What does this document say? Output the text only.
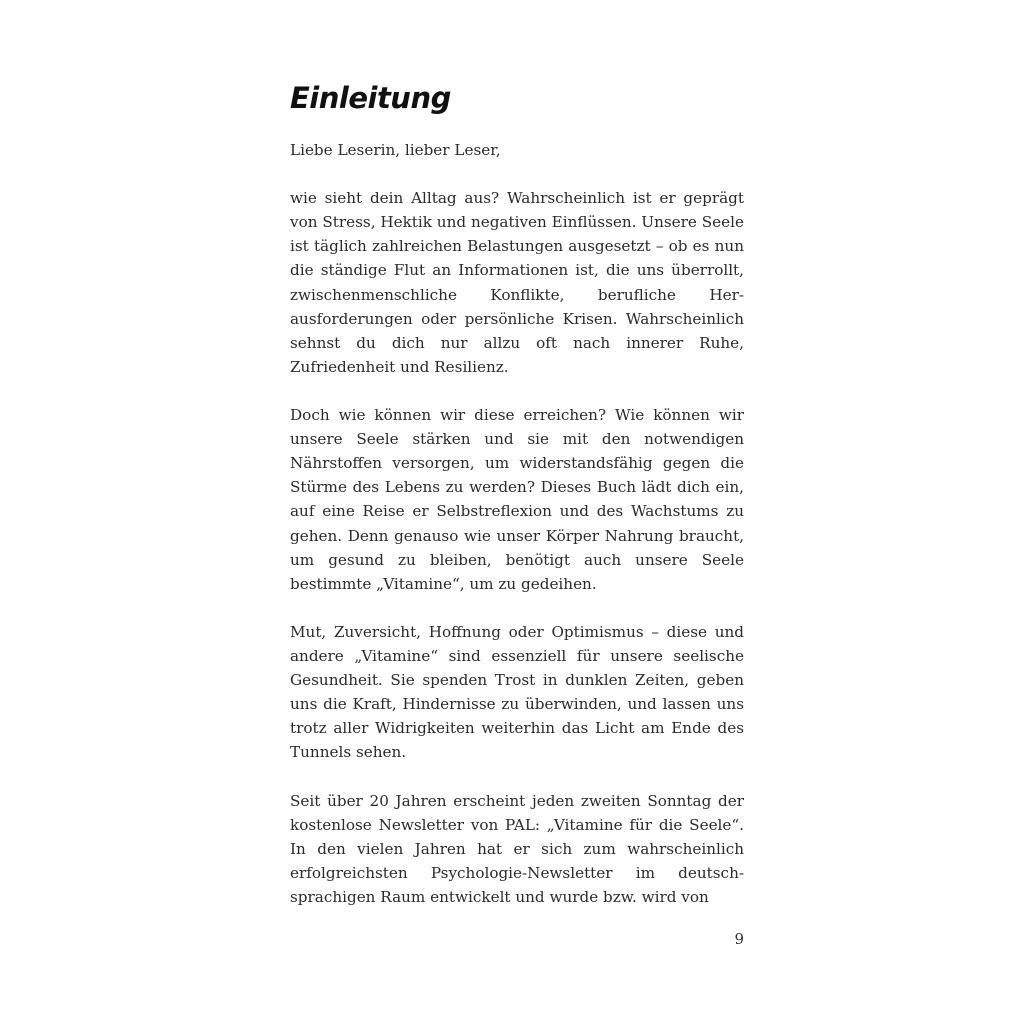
Einleitung

Liebe Leserin, lieber Leser,

wie sieht dein Alltag aus? Wahrscheinlich ist er geprägt von Stress, Hektik und negativen Einflüssen. Unsere Seele ist täglich zahlreichen Belastungen ausgesetzt – ob es nun die ständige Flut an Informationen ist, die uns überrollt, zwischenmenschliche Konflikte, berufliche Herausforderungen oder persönliche Krisen. Wahrscheinlich sehnst du dich nur allzu oft nach innerer Ruhe, Zufriedenheit und Resilienz.

Doch wie können wir diese erreichen? Wie können wir unsere Seele stärken und sie mit den notwendigen Nährstoffen versorgen, um widerstandsfähig gegen die Stürme des Lebens zu werden? Dieses Buch lädt dich ein, auf eine Reise er Selbstreflexion und des Wachstums zu gehen. Denn genauso wie unser Körper Nahrung braucht, um gesund zu bleiben, benötigt auch unsere Seele bestimmte „Vitamine“, um zu gedeihen.

Mut, Zuversicht, Hoffnung oder Optimismus – diese und andere „Vitamine“ sind essenziell für unsere seelische Gesundheit. Sie spenden Trost in dunklen Zeiten, geben uns die Kraft, Hindernisse zu überwinden, und lassen uns trotz aller Widrigkeiten weiterhin das Licht am Ende des Tunnels sehen.

Seit über 20 Jahren erscheint jeden zweiten Sonntag der kostenlose Newsletter von PAL: „Vitamine für die Seele“. In den vielen Jahren hat er sich zum wahrscheinlich erfolgreichsten Psychologie-Newsletter im deutschsprachigen Raum entwickelt und wurde bzw. wird von

9
